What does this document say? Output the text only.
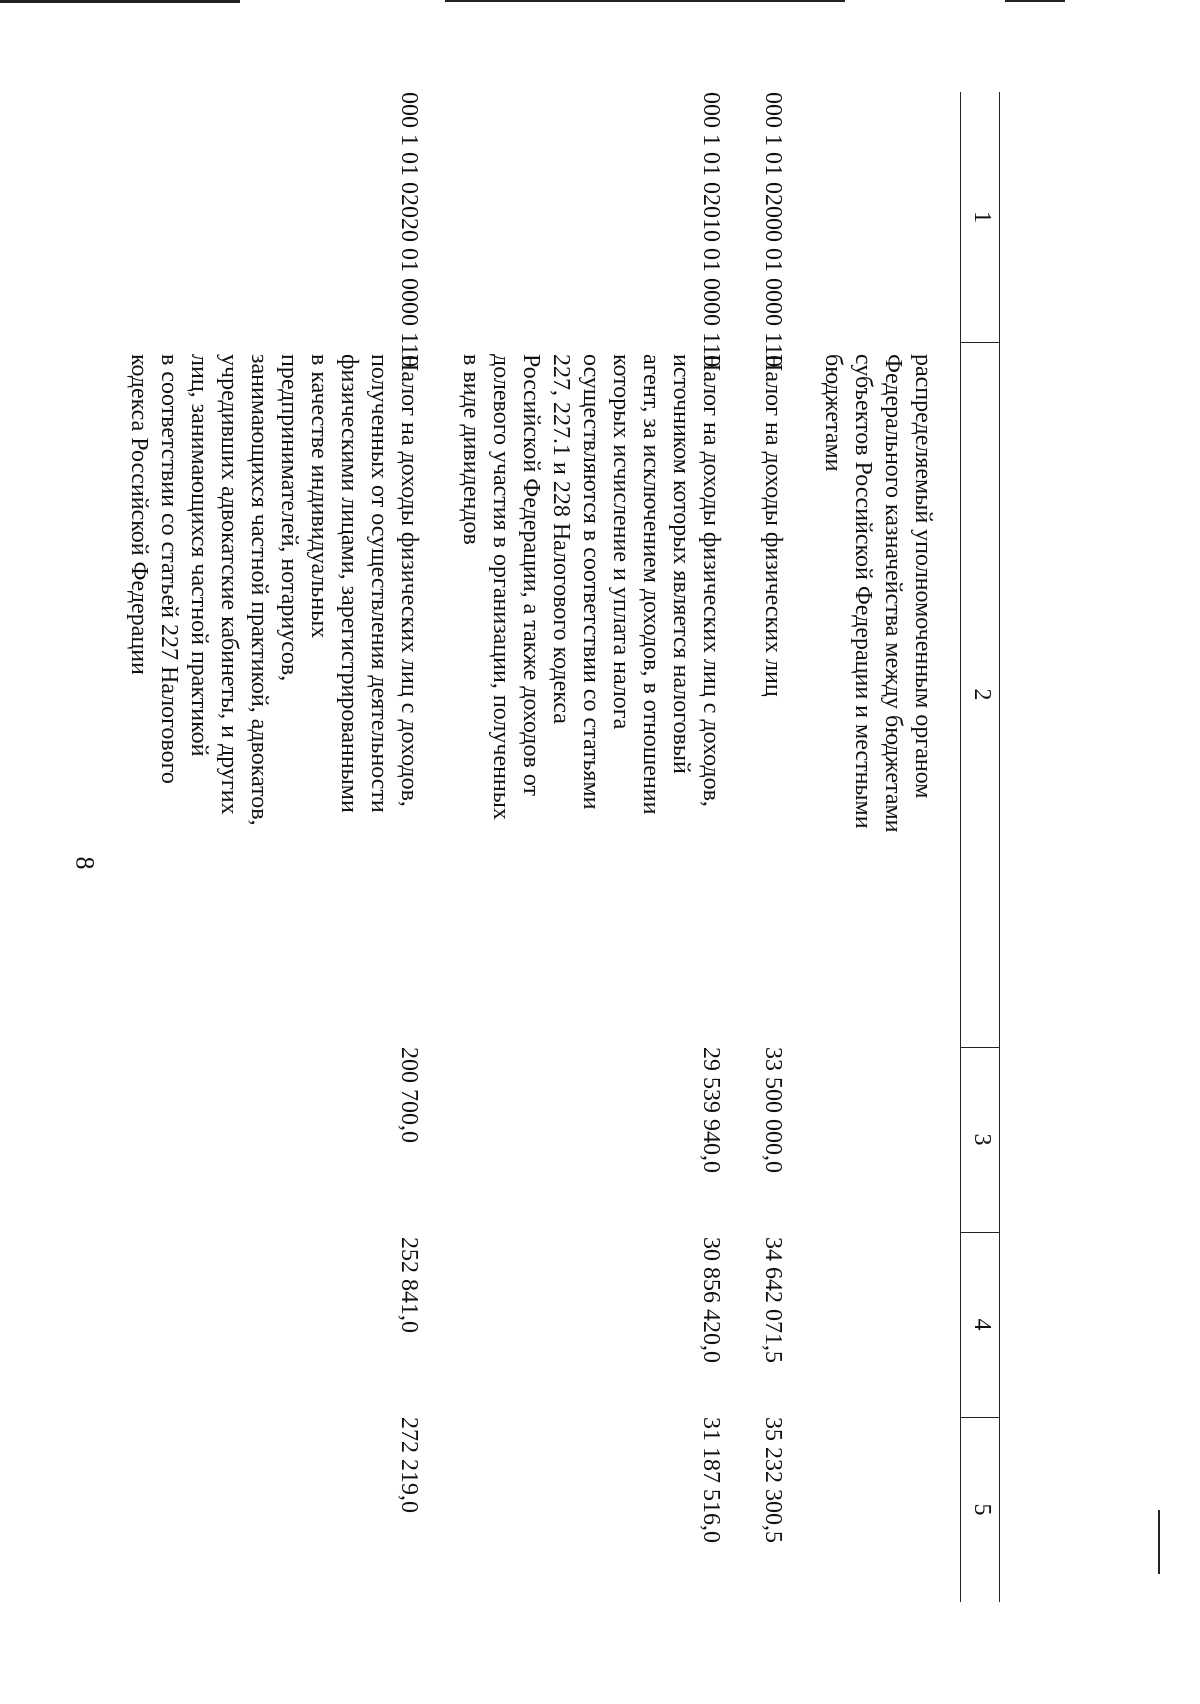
8
1
2
3
4
5
распределяемый уполномоченным органом
Федерального казначейства между бюджетами
субъектов Российской Федерации и местными
бюджетами
000 1 01 02000 01 0000 110
Налог на доходы физических лиц
33 500 000,0
34 642 071,5
35 232 300,5
000 1 01 02010 01 0000 110
Налог на доходы физических лиц с доходов,
источником которых является налоговый
агент, за исключением доходов, в отношении
которых исчисление и уплата налога
осуществляются в соответствии со статьями
227, 227.1 и 228 Налогового кодекса
Российской Федерации, а также доходов от
долевого участия в организации, полученных
в виде дивидендов
29 539 940,0
30 856 420,0
31 187 516,0
000 1 01 02020 01 0000 110
Налог на доходы физических лиц с доходов,
полученных от осуществления деятельности
физическими лицами, зарегистрированными
в качестве индивидуальных
предпринимателей, нотариусов,
занимающихся частной практикой, адвокатов,
учредивших адвокатские кабинеты, и других
лиц, занимающихся частной практикой
в соответствии со статьей 227 Налогового
кодекса Российской Федерации
200 700,0
252 841,0
272 219,0
